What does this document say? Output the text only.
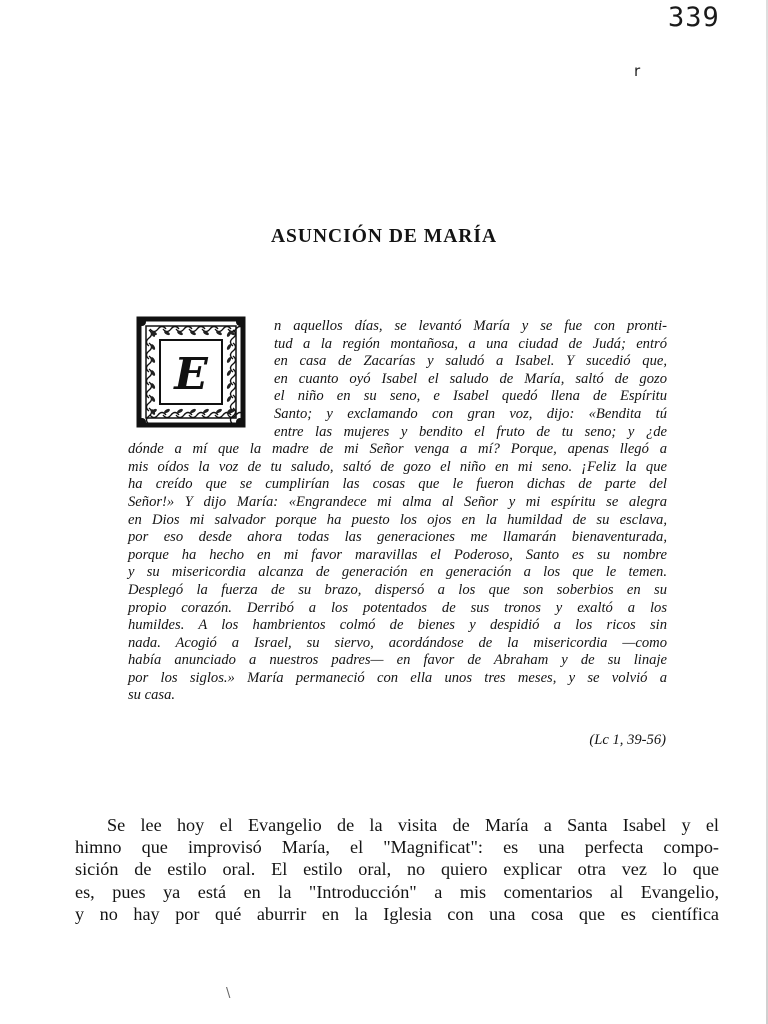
339
r
ASUNCIÓN DE MARÍA
E
n aquellos días, se levantó María y se fue con pronti-
tud a la región montañosa, a una ciudad de Judá; entró
en casa de Zacarías y saludó a Isabel. Y sucedió que,
en cuanto oyó Isabel el saludo de María, saltó de gozo
el niño en su seno, e Isabel quedó llena de Espíritu
Santo; y exclamando con gran voz, dijo: «Bendita tú
entre las mujeres y bendito el fruto de tu seno; y ¿de
dónde a mí que la madre de mi Señor venga a mí? Porque, apenas llegó a
mis oídos la voz de tu saludo, saltó de gozo el niño en mi seno. ¡Feliz la que
ha creído que se cumplirían las cosas que le fueron dichas de parte del
Señor!» Y dijo María: «Engrandece mi alma al Señor y mi espíritu se alegra
en Dios mi salvador porque ha puesto los ojos en la humildad de su esclava,
por eso desde ahora todas las generaciones me llamarán bienaventurada,
porque ha hecho en mi favor maravillas el Poderoso, Santo es su nombre
y su misericordia alcanza de generación en generación a los que le temen.
Desplegó la fuerza de su brazo, dispersó a los que son soberbios en su
propio corazón. Derribó a los potentados de sus tronos y exaltó a los
humildes. A los hambrientos colmó de bienes y despidió a los ricos sin
nada. Acogió a Israel, su siervo, acordándose de la misericordia —como
había anunciado a nuestros padres— en favor de Abraham y de su linaje
por los siglos.» María permaneció con ella unos tres meses, y se volvió a
su casa.
(Lc 1, 39-56)
Se lee hoy el Evangelio de la visita de María a Santa Isabel y el
himno que improvisó María, el "Magnificat": es una perfecta compo-
sición de estilo oral. El estilo oral, no quiero explicar otra vez lo que
es, pues ya está en la "Introducción" a mis comentarios al Evangelio,
y no hay por qué aburrir en la Iglesia con una cosa que es científica
\
